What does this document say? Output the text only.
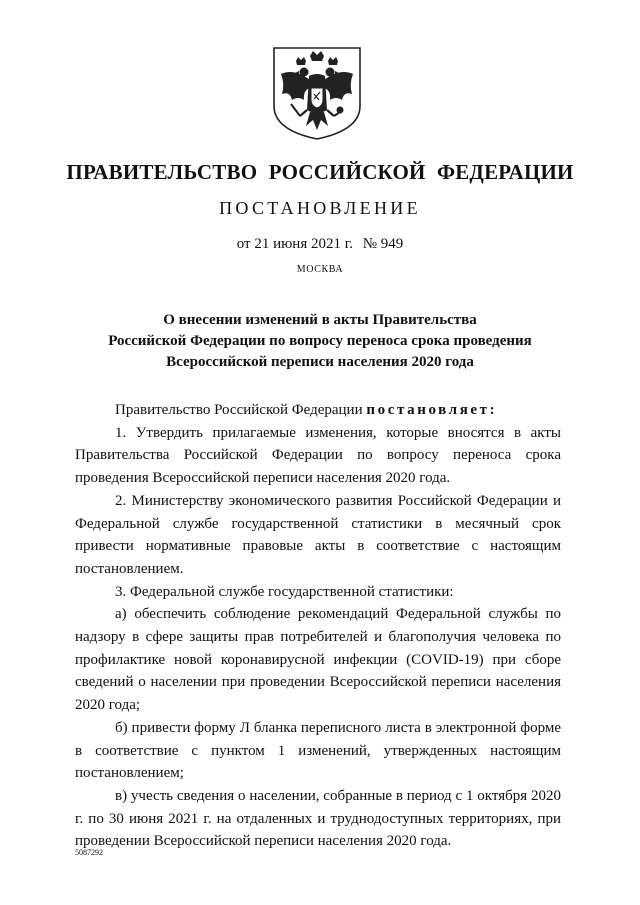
ПРАВИТЕЛЬСТВО РОССИЙСКОЙ ФЕДЕРАЦИИ
ПОСТАНОВЛЕНИЕ
от 21 июня 2021 г. № 949
МОСКВА
О внесении изменений в акты Правительства
Российской Федерации по вопросу переноса срока проведения
Всероссийской переписи населения 2020 года

Правительство Российской Федерации постановляет:

1. Утвердить прилагаемые изменения, которые вносятся в акты Правительства Российской Федерации по вопросу переноса срока проведения Всероссийской переписи населения 2020 года.

2. Министерству экономического развития Российской Федерации и Федеральной службе государственной статистики в месячный срок привести нормативные правовые акты в соответствие с настоящим постановлением.

3. Федеральной службе государственной статистики:

а) обеспечить соблюдение рекомендаций Федеральной службы по надзору в сфере защиты прав потребителей и благополучия человека по профилактике новой коронавирусной инфекции (COVID-19) при сборе сведений о населении при проведении Всероссийской переписи населения 2020 года;

б) привести форму Л бланка переписного листа в электронной форме в соответствие с пунктом 1 изменений, утвержденных настоящим постановлением;

в) учесть сведения о населении, собранные в период с 1 октября 2020 г. по 30 июня 2021 г. на отдаленных и труднодоступных территориях, при проведении Всероссийской переписи населения 2020 года.

5087292
